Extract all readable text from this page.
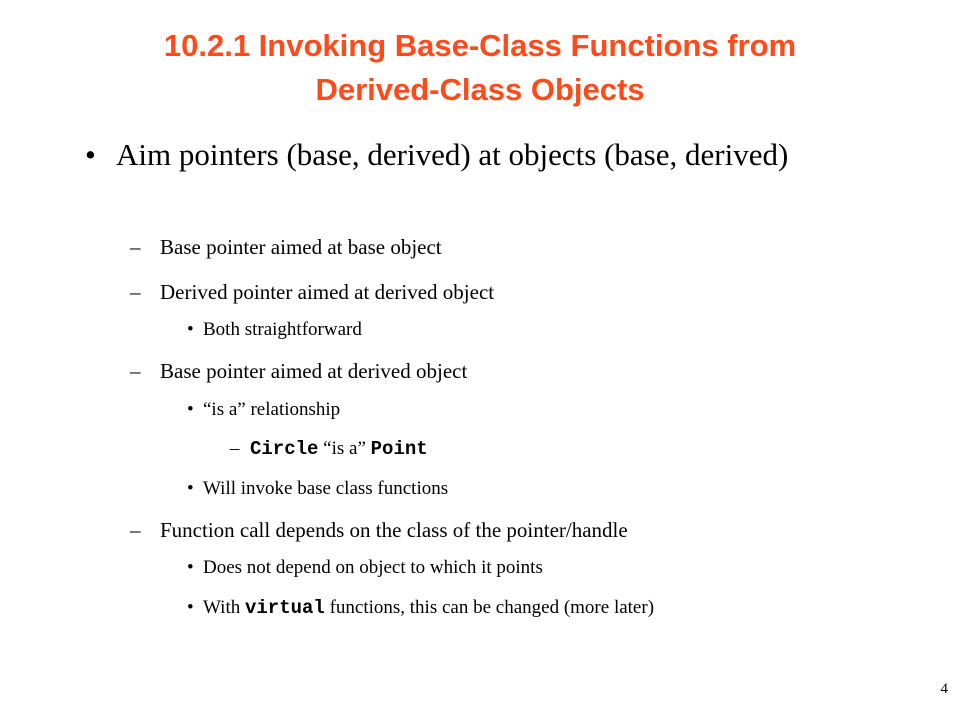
10.2.1 Invoking Base-Class Functions from
Derived-Class Objects
• Aim pointers (base, derived) at objects (base, derived)
– Base pointer aimed at base object
– Derived pointer aimed at derived object
• Both straightforward
– Base pointer aimed at derived object
• “is a” relationship
– Circle “is a” Point
• Will invoke base class functions
– Function call depends on the class of the pointer/handle
• Does not depend on object to which it points
• With virtual functions, this can be changed (more later)
4
